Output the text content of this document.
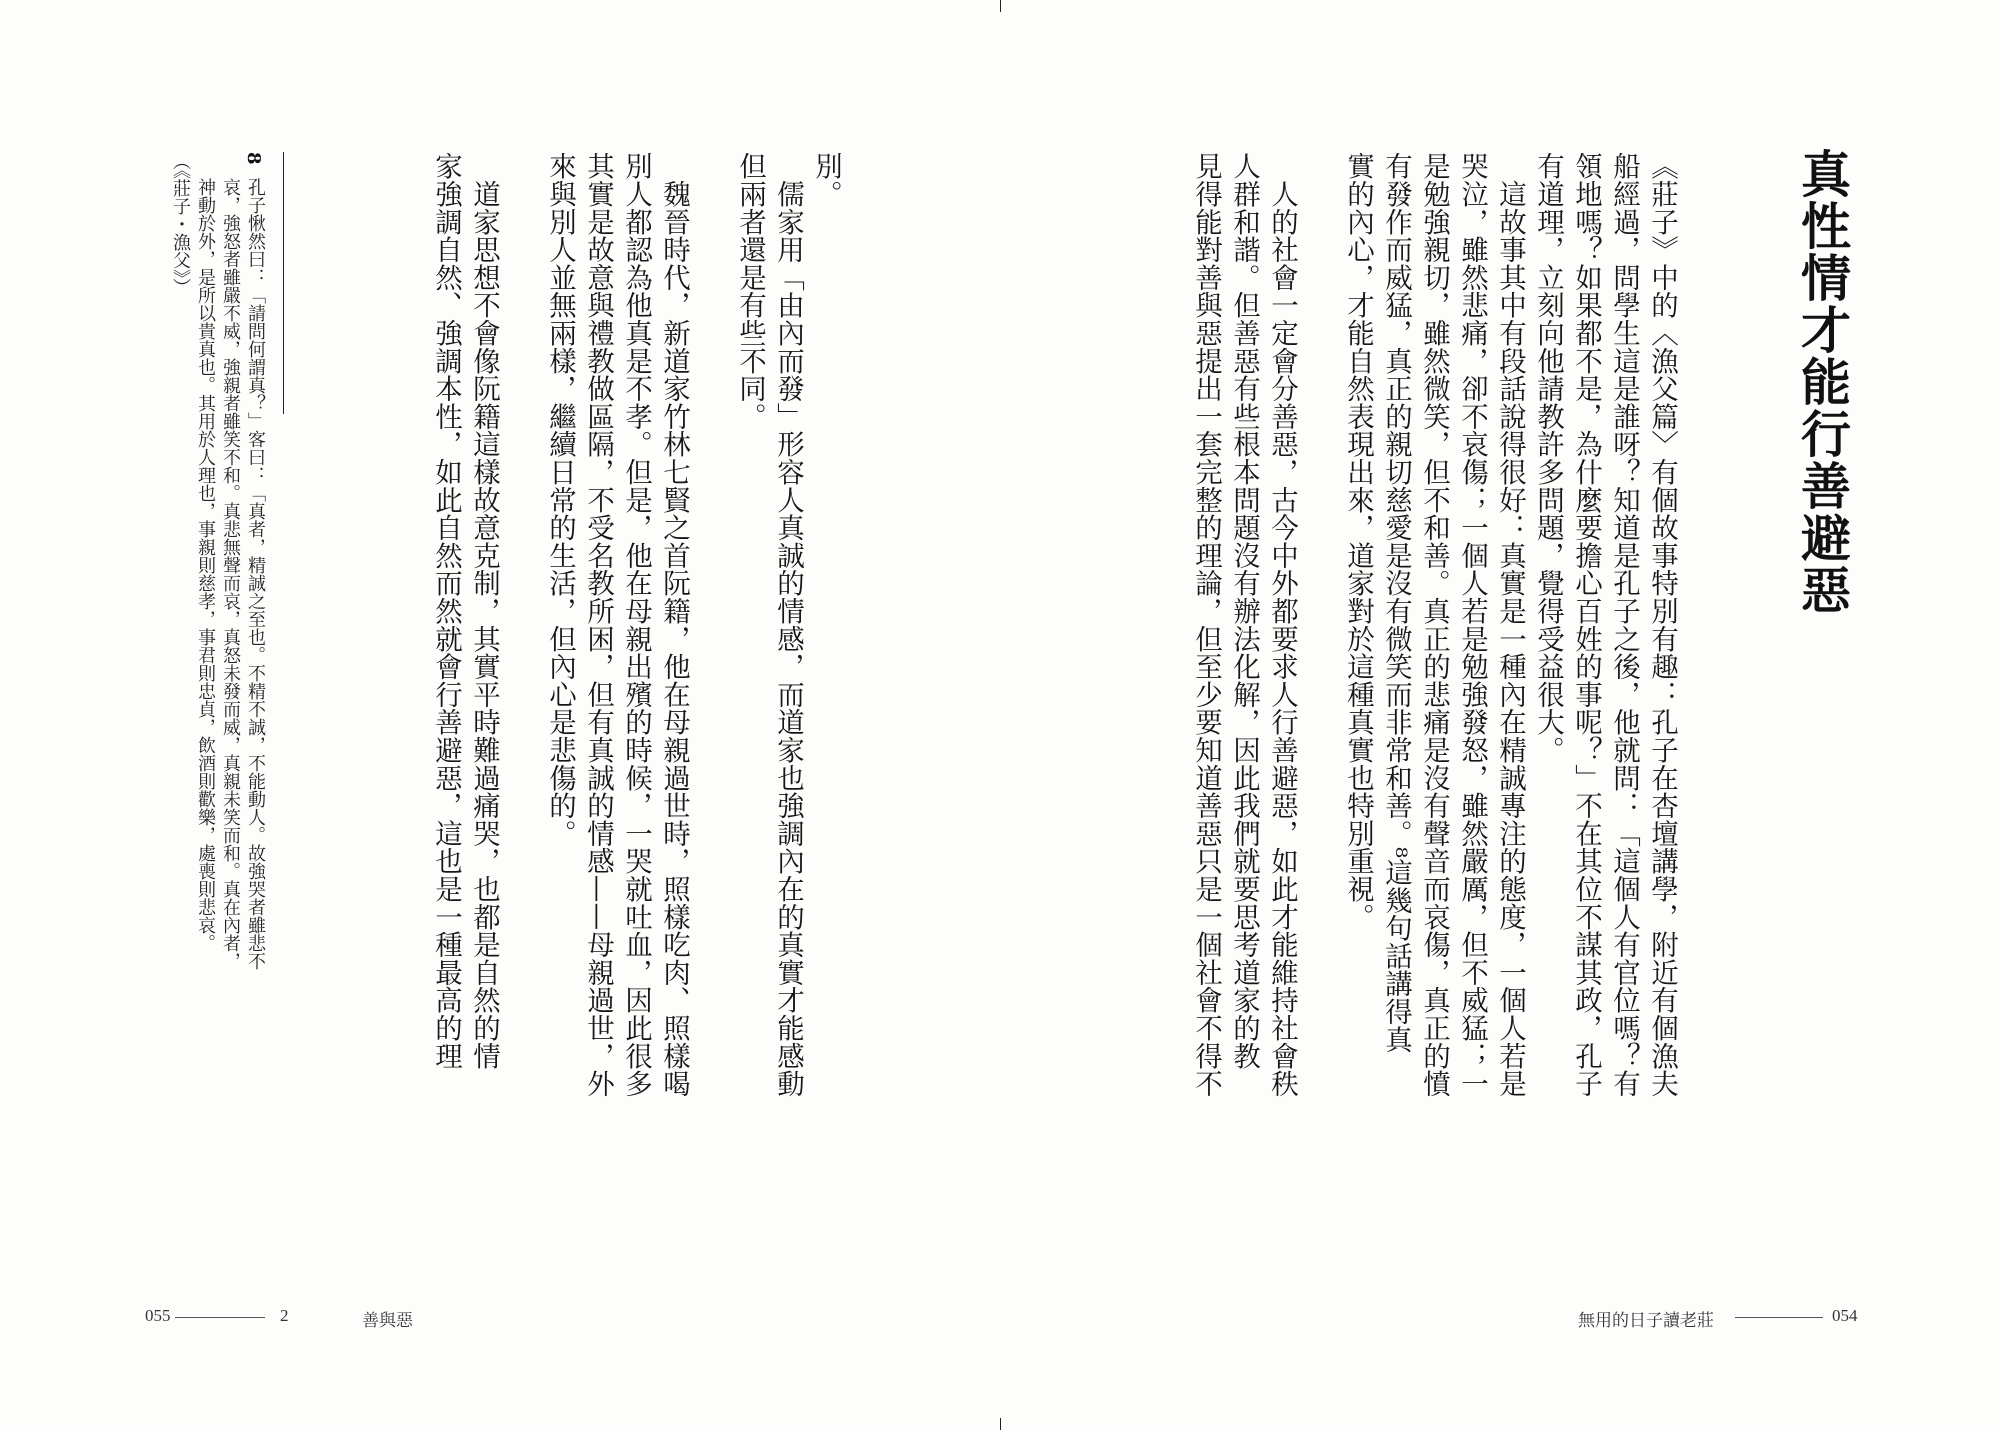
真性情才能行善避惡
《莊子》中的〈漁父篇〉有個故事特別有趣：孔子在杏壇講學，附近有個漁夫
船經過，問學生這是誰呀？知道是孔子之後，他就問：「這個人有官位嗎？有
領地嗎？如果都不是，為什麼要擔心百姓的事呢？」不在其位不謀其政，孔子
有道理，立刻向他請教許多問題，覺得受益很大。
　這故事其中有段話說得很好：真實是一種內在精誠專注的態度，一個人若是
哭泣，雖然悲痛，卻不哀傷；一個人若是勉強發怒，雖然嚴厲，但不威猛；一
是勉強親切，雖然微笑，但不和善。真正的悲痛是沒有聲音而哀傷，真正的憤
有發作而威猛，真正的親切慈愛是沒有微笑而非常和善。⁸這幾句話講得真
實的內心，才能自然表現出來，道家對於這種真實也特別重視。
　人的社會一定會分善惡，古今中外都要求人行善避惡，如此才能維持社會秩
人群和諧。但善惡有些根本問題沒有辦法化解，因此我們就要思考道家的教
見得能對善與惡提出一套完整的理論，但至少要知道善惡只是一個社會不得不
別。
　儒家用「由內而發」形容人真誠的情感，而道家也強調內在的真實才能感動
但兩者還是有些不同。
　魏晉時代，新道家竹林七賢之首阮籍，他在母親過世時，照樣吃肉、照樣喝
別人都認為他真是不孝。但是，他在母親出殯的時候，一哭就吐血，因此很多
其實是故意與禮教做區隔，不受名教所困，但有真誠的情感——母親過世，外
來與別人並無兩樣，繼續日常的生活，但內心是悲傷的。
　道家思想不會像阮籍這樣故意克制，其實平時難過痛哭，也都是自然的情
家強調自然、強調本性，如此自然而然就會行善避惡，這也是一種最高的理
8
孔子愀然曰：「請問何謂真？」客曰：「真者，精誠之至也。不精不誠，不能動人。故強哭者雖悲不
哀，強怒者雖嚴不威，強親者雖笑不和。真悲無聲而哀，真怒未發而威，真親未笑而和。真在內者，
神動於外，是所以貴真也。其用於人理也，事親則慈孝，事君則忠貞，飲酒則歡樂，處喪則悲哀。
（《莊子・漁父》）
055	2	善與惡	無用的日子讀老莊	054
